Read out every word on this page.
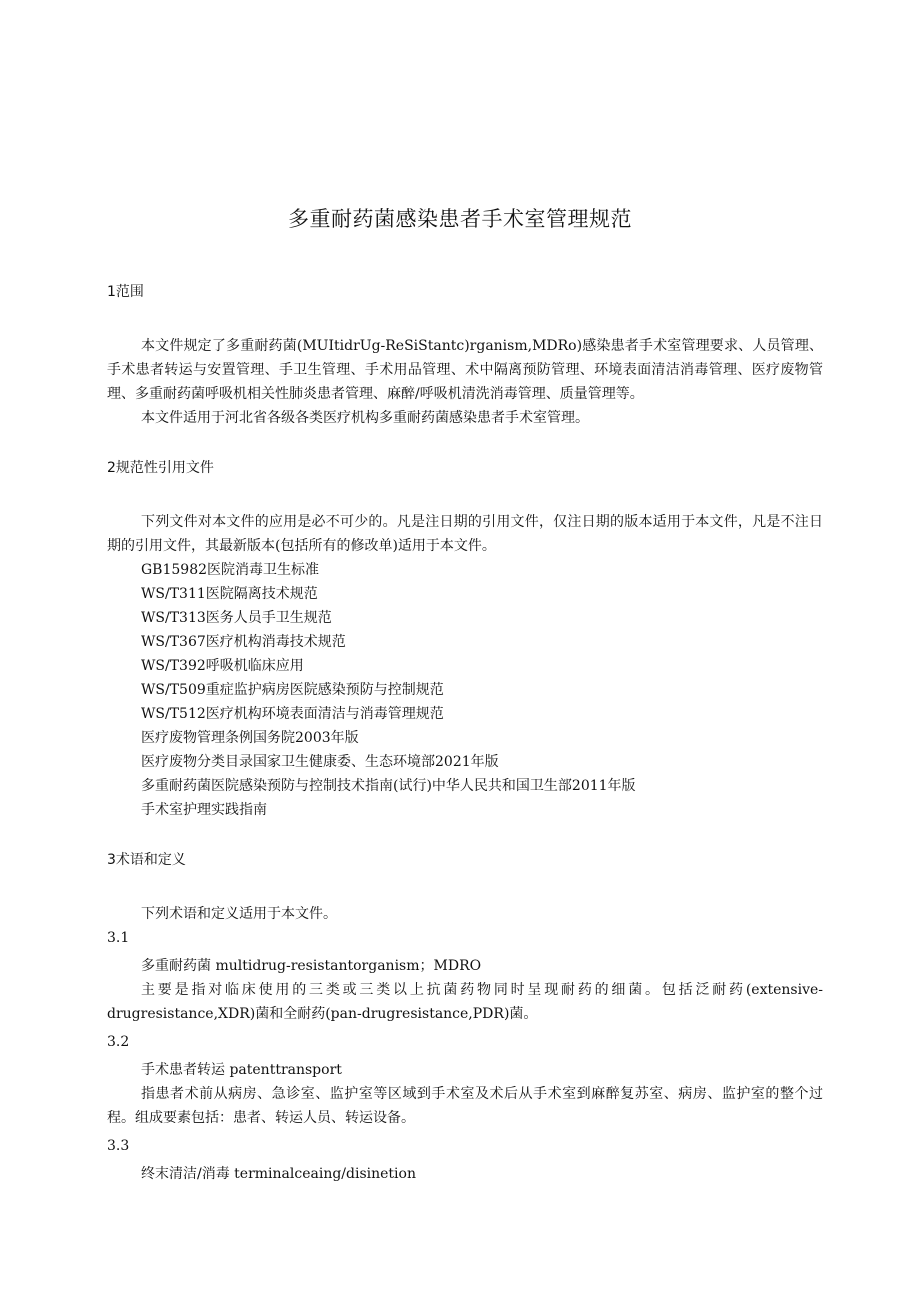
多重耐药菌感染患者手术室管理规范
1范围
本文件规定了多重耐药菌(MUItidrUg-ReSiStantc)rganism,MDRo)感染患者手术室管理要求、人员管理、手术患者转运与安置管理、手卫生管理、手术用品管理、术中隔离预防管理、环境表面清洁消毒管理、医疗废物管理、多重耐药菌呼吸机相关性肺炎患者管理、麻醉/呼吸机清洗消毒管理、质量管理等。
本文件适用于河北省各级各类医疗机构多重耐药菌感染患者手术室管理。
2规范性引用文件
下列文件对本文件的应用是必不可少的。凡是注日期的引用文件，仅注日期的版本适用于本文件，凡是不注日期的引用文件，其最新版本(包括所有的修改单)适用于本文件。
GB15982医院消毒卫生标准
WS/T311医院隔离技术规范
WS/T313医务人员手卫生规范
WS/T367医疗机构消毒技术规范
WS/T392呼吸机临床应用
WS/T509重症监护病房医院感染预防与控制规范
WS/T512医疗机构环境表面清洁与消毒管理规范
医疗废物管理条例国务院2003年版
医疗废物分类目录国家卫生健康委、生态环境部2021年版
多重耐药菌医院感染预防与控制技术指南(试行)中华人民共和国卫生部2011年版
手术室护理实践指南
3术语和定义
下列术语和定义适用于本文件。
3.1
多重耐药菌 multidrug-resistantorganism；MDRO
主要是指对临床使用的三类或三类以上抗菌药物同时呈现耐药的细菌。包括泛耐药(extensive-drugresistance,XDR)菌和全耐药(pan-drugresistance,PDR)菌。
3.2
手术患者转运 patenttransport
指患者术前从病房、急诊室、监护室等区域到手术室及术后从手术室到麻醉复苏室、病房、监护室的整个过程。组成要素包括：患者、转运人员、转运设备。
3.3
终末清洁/消毒 terminalceaing/disinetion
